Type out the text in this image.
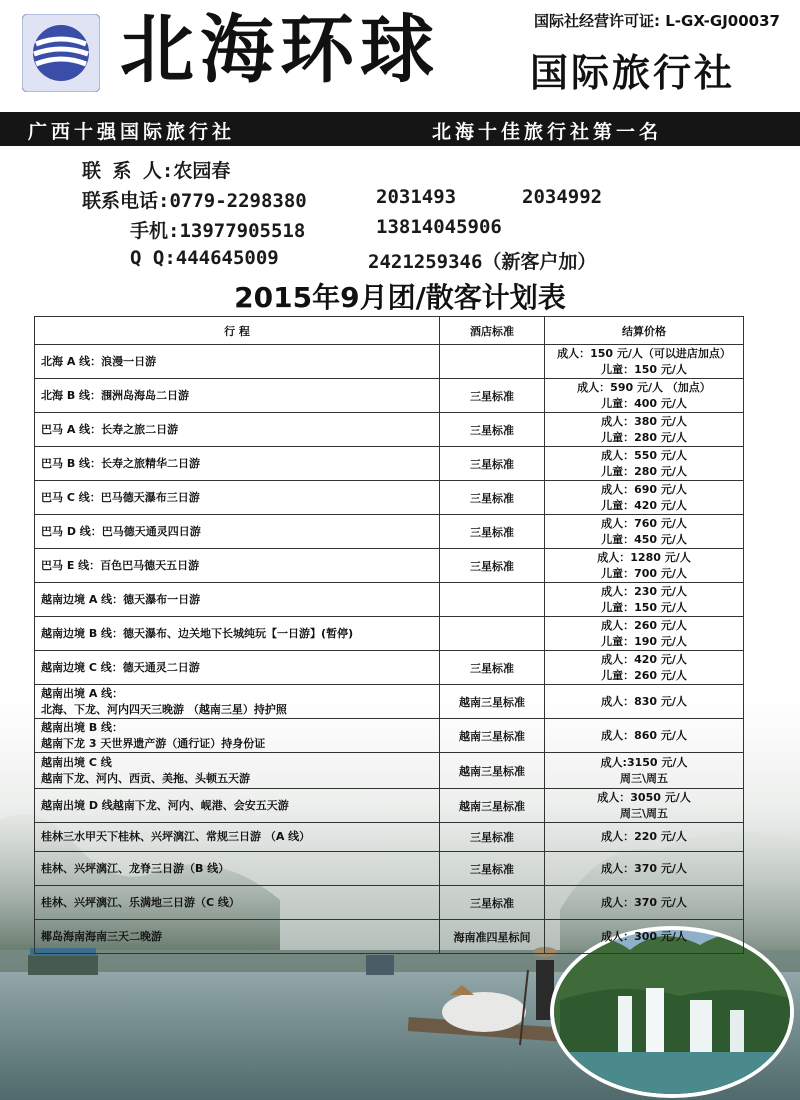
北海环球	国际社经营许可证: L-GX-GJ00037
国际旅行社
广西十强国际旅行社	北海十佳旅行社第一名
联 系 人:农园春
联系电话:0779-2298380	2031493	2034992
手机:13977905518	13814045906
Q Q:444645009	2421259346（新客户加）
2015年9月团/散客计划表
行 程	酒店标准	结算价格

北海 A 线：浪漫一日游		成人：150 元/人（可以进店加点）
儿童：150 元/人

北海 B 线：涠洲岛海岛二日游	三星标准	成人：590 元/人 （加点）
儿童：400 元/人

巴马 A 线：长寿之旅二日游	三星标准	成人：380 元/人
儿童：280 元/人

巴马 B 线：长寿之旅精华二日游	三星标准	成人：550 元/人
儿童：280 元/人

巴马 C 线：巴马德天瀑布三日游	三星标准	成人：690 元/人
儿童：420 元/人

巴马 D 线：巴马德天通灵四日游	三星标准	成人：760 元/人
儿童：450 元/人

巴马 E 线：百色巴马德天五日游	三星标准	成人：1280 元/人
儿童：700 元/人

越南边境 A 线：德天瀑布一日游		成人：230 元/人
儿童：150 元/人

越南边境 B 线：德天瀑布、边关地下长城纯玩【一日游】(暂停)		成人：260 元/人
儿童：190 元/人

越南边境 C 线：德天通灵二日游	三星标准	成人：420 元/人
儿童：260 元/人

越南出境 A 线：
北海、下龙、河内四天三晚游 （越南三星）持护照	越南三星标准	成人：830 元/人

越南出境 B 线：
越南下龙 3 天世界遗产游（通行证）持身份证	越南三星标准	成人：860 元/人

越南出境 C 线
越南下龙、河内、西贡、美拖、头顿五天游	越南三星标准	成人:3150 元/人
周三\周五

越南出境 D 线越南下龙、河内、岘港、会安五天游	越南三星标准	成人：3050 元/人
周三\周五

桂林三水甲天下桂林、兴坪漓江、常规三日游 （A 线）	三星标准	成人：220 元/人

桂林、兴坪漓江、龙脊三日游（B 线）	三星标准	成人：370 元/人

桂林、兴坪漓江、乐满地三日游（C 线）	三星标准	成人：370 元/人

椰岛海南海南三天二晚游	海南准四星标间	成人：300 元/人
